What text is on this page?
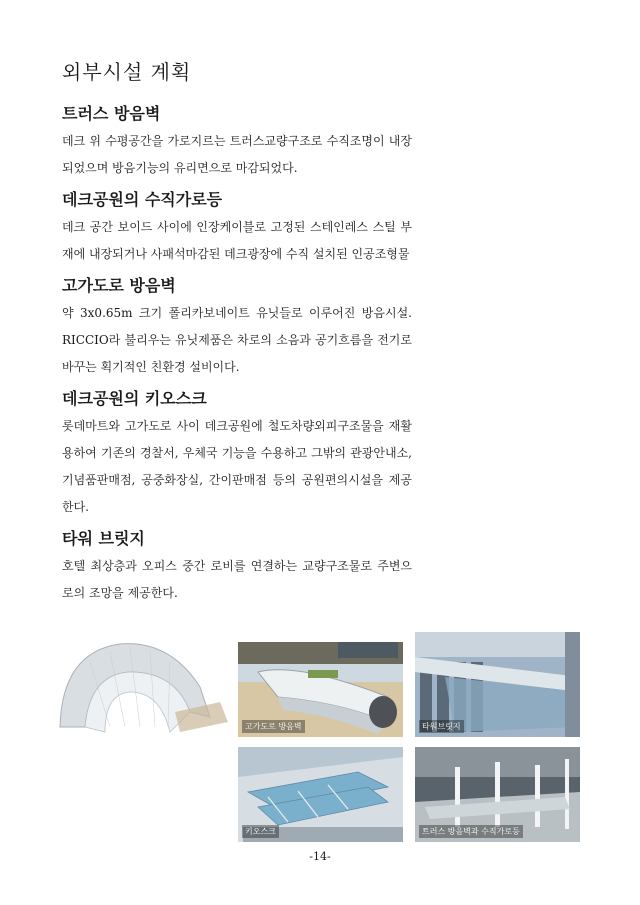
외부시설 계획
트러스 방음벽

데크 위 수평공간을 가로지르는 트러스교량구조로 수직조명이 내장되었으며 방음기능의 유리면으로 마감되었다.

데크공원의 수직가로등

데크 공간 보이드 사이에 인장케이블로 고정된 스테인레스 스틸 부재에 내장되거나 사패석마감된 데크광장에 수직 설치된 인공조형물

고가도로 방음벽

약 3x0.65m 크기 폴리카보네이트 유닛들로 이루어진 방음시설. RICCIO라 불리우는 유닛제품은 차로의 소음과 공기흐름을 전기로 바꾸는 획기적인 친환경 설비이다.

데크공원의 키오스크

롯데마트와 고가도로 사이 데크공원에 철도차량외피구조물을 재활용하여 기존의 경찰서, 우체국 기능을 수용하고 그밖의 관광안내소, 기념품판매점, 공중화장실, 간이판매점 등의 공원편의시설을 제공한다.

타워 브릿지

호텔 최상층과 오피스 중간 로비를 연결하는 교량구조물로 주변으로의 조망을 제공한다.

고가도로 방음벽	타워브릿지
키오스크	트러스 방음벽과 수직가로등
-14-
